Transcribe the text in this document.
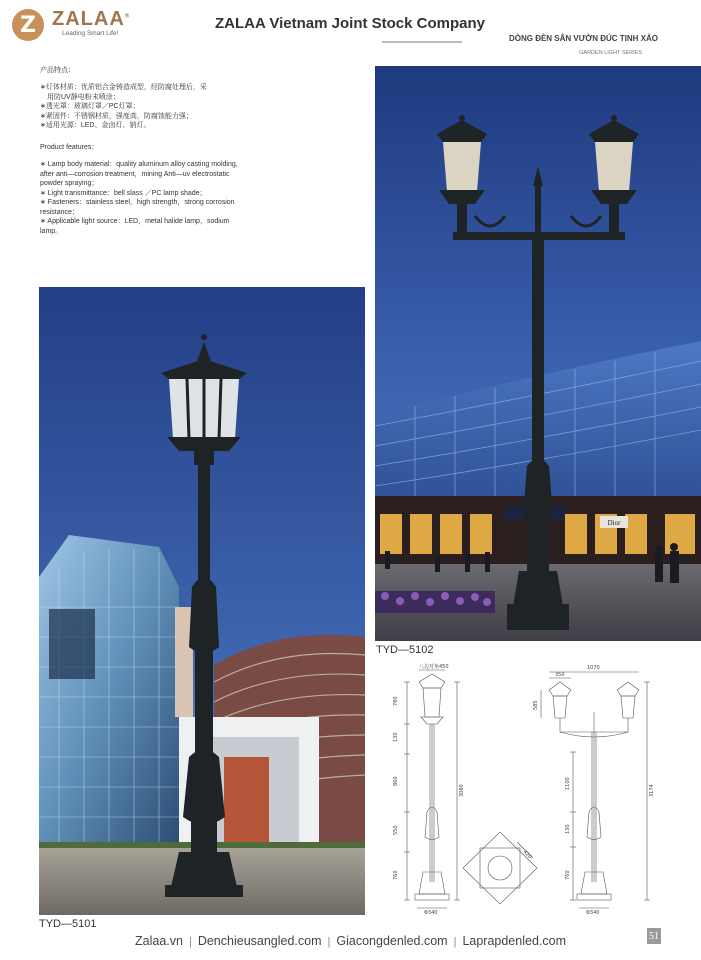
Z ZALAA®
Leading Smart Life!
ZALAA Vietnam Joint Stock Company
DÒNG ĐÈN SÂN VƯỜN ĐÚC TINH XẢO
GARDEN LIGHT SERIES
产品特点：

∗灯体材质：优质铝合金铸造成型，经防腐处理后，采

　用防UV静电粉末喷涂；

∗透光罩：玻璃灯罩／PC灯罩；

∗紧固件：不锈钢材质，强度高，防腐蚀能力强；

∗适用光源：LED、金卤灯、钠灯。

Product features：

∗ Lamp body material：quality aluminum alloy casting molding,

after anti—corrosion treatment，mining Anti—uv electrostatic

powder spraying；

∗ Light transmittance：bell slass ／PC lamp shade；

∗ Fasteners：stainless steel，high strength，strong corrosion

resistance；

∗ Applicable light source：LED，metal halide lamp，sodium

lamp。

TYD—5101
Dior
TYD—5102
八边对角450
780
130
860
550
760
3080
Φ340
420
1070
350
585
1100
130
760
3174
Φ340
Zalaa.vn | Denchieusangled.com | Giacongdenled.com | Laprapdenled.com	51
